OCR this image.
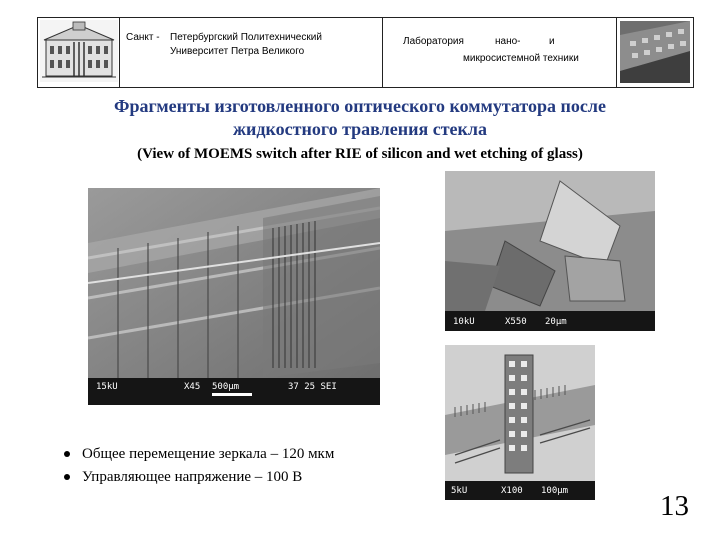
Санкт - Петербургский Политехнический
Университет Петра Великого
Лаборатория	нано-	и
микросистемной техники
Фрагменты изготовленного оптического коммутатора после
жидкостного травления стекла
(View of MOEMS switch after RIE of silicon and wet etching of glass)
15kU	X45 500µm	37 25 SEI
10kU	X550 20µm
5kU	X100 100µm
Общее перемещение зеркала – 120 мкм
Управляющее напряжение – 100 В
13
